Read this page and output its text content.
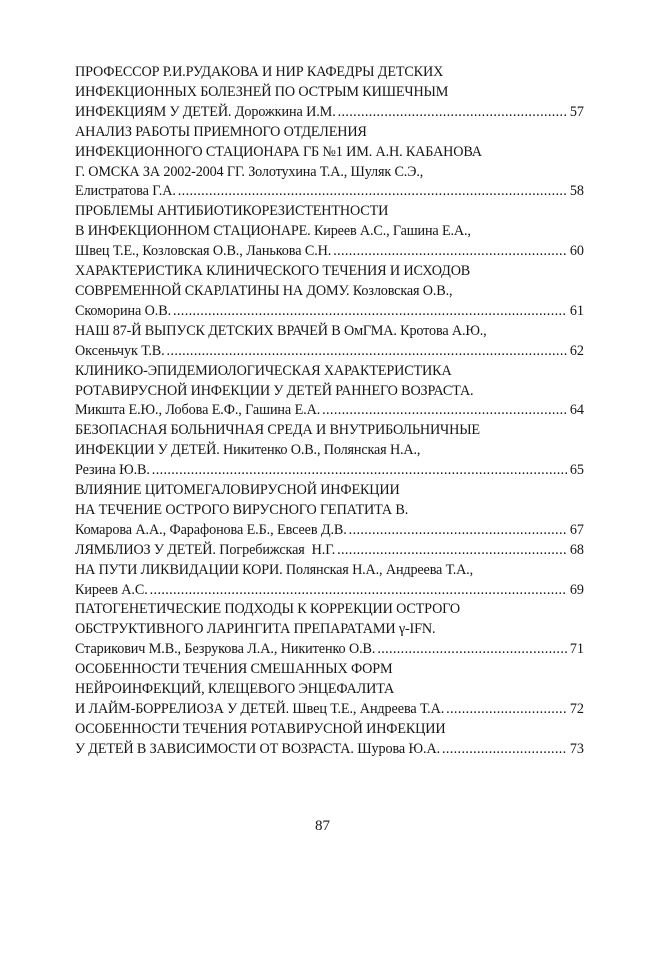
ПРОФЕССОР Р.И.РУДАКОВА И НИР КАФЕДРЫ ДЕТСКИХ
ИНФЕКЦИОННЫХ БОЛЕЗНЕЙ ПО ОСТРЫМ КИШЕЧНЫМ
ИНФЕКЦИЯМ У ДЕТЕЙ. Дорожкина И.М. . . .	57
АНАЛИЗ РАБОТЫ ПРИЕМНОГО ОТДЕЛЕНИЯ
ИНФЕКЦИОННОГО СТАЦИОНАРА ГБ №1 ИМ. А.Н. КАБАНОВА
Г. ОМСКА ЗА 2002-2004 ГГ. Золотухина Т.А., Шуляк С.Э.,
Елистратова Г.А. . . .	58
ПРОБЛЕМЫ АНТИБИОТИКОРЕЗИСТЕНТНОСТИ
В ИНФЕКЦИОННОМ СТАЦИОНАРЕ. Киреев А.С., Гашина Е.А.,
Швец Т.Е., Козловская О.В., Ланькова С.Н. . . .	60
ХАРАКТЕРИСТИКА КЛИНИЧЕСКОГО ТЕЧЕНИЯ И ИСХОДОВ
СОВРЕМЕННОЙ СКАРЛАТИНЫ НА ДОМУ. Козловская О.В.,
Скоморина О.В. . . .	61
НАШ 87-Й ВЫПУСК ДЕТСКИХ ВРАЧЕЙ В ОмГМА. Кротова А.Ю.,
Оксеньчук Т.В. . . .	62
КЛИНИКО-ЭПИДЕМИОЛОГИЧЕСКАЯ ХАРАКТЕРИСТИКА
РОТАВИРУСНОЙ ИНФЕКЦИИ У ДЕТЕЙ РАННЕГО ВОЗРАСТА.
Микшта Е.Ю., Лобова Е.Ф., Гашина Е.А. . . .	64
БЕЗОПАСНАЯ БОЛЬНИЧНАЯ СРЕДА И ВНУТРИБОЛЬНИЧНЫЕ
ИНФЕКЦИИ У ДЕТЕЙ. Никитенко О.В., Полянская Н.А.,
Резина Ю.В. . . .	65
ВЛИЯНИЕ ЦИТОМЕГАЛОВИРУСНОЙ ИНФЕКЦИИ
НА ТЕЧЕНИЕ ОСТРОГО ВИРУСНОГО ГЕПАТИТА В.
Комарова А.А., Фарафонова Е.Б., Евсеев Д.В. . . .	67
ЛЯМБЛИОЗ У ДЕТЕЙ. Погребижская  Н.Г. . . .	68
НА ПУТИ ЛИКВИДАЦИИ КОРИ. Полянская Н.А., Андреева Т.А.,
Киреев А.С. . . .	69
ПАТОГЕНЕТИЧЕСКИЕ ПОДХОДЫ К КОРРЕКЦИИ ОСТРОГО
ОБСТРУКТИВНОГО ЛАРИНГИТА ПРЕПАРАТАМИ γ-IFN.
Старикович М.В., Безрукова Л.А., Никитенко О.В. . . .	71
ОСОБЕННОСТИ ТЕЧЕНИЯ СМЕШАННЫХ ФОРМ
НЕЙРОИНФЕКЦИЙ, КЛЕЩЕВОГО ЭНЦЕФАЛИТА
И ЛАЙМ-БОРРЕЛИОЗА У ДЕТЕЙ. Швец Т.Е., Андреева Т.А. . . .	72
ОСОБЕННОСТИ ТЕЧЕНИЯ РОТАВИРУСНОЙ ИНФЕКЦИИ
У ДЕТЕЙ В ЗАВИСИМОСТИ ОТ ВОЗРАСТА. Шурова Ю.А. . . .	73
87
